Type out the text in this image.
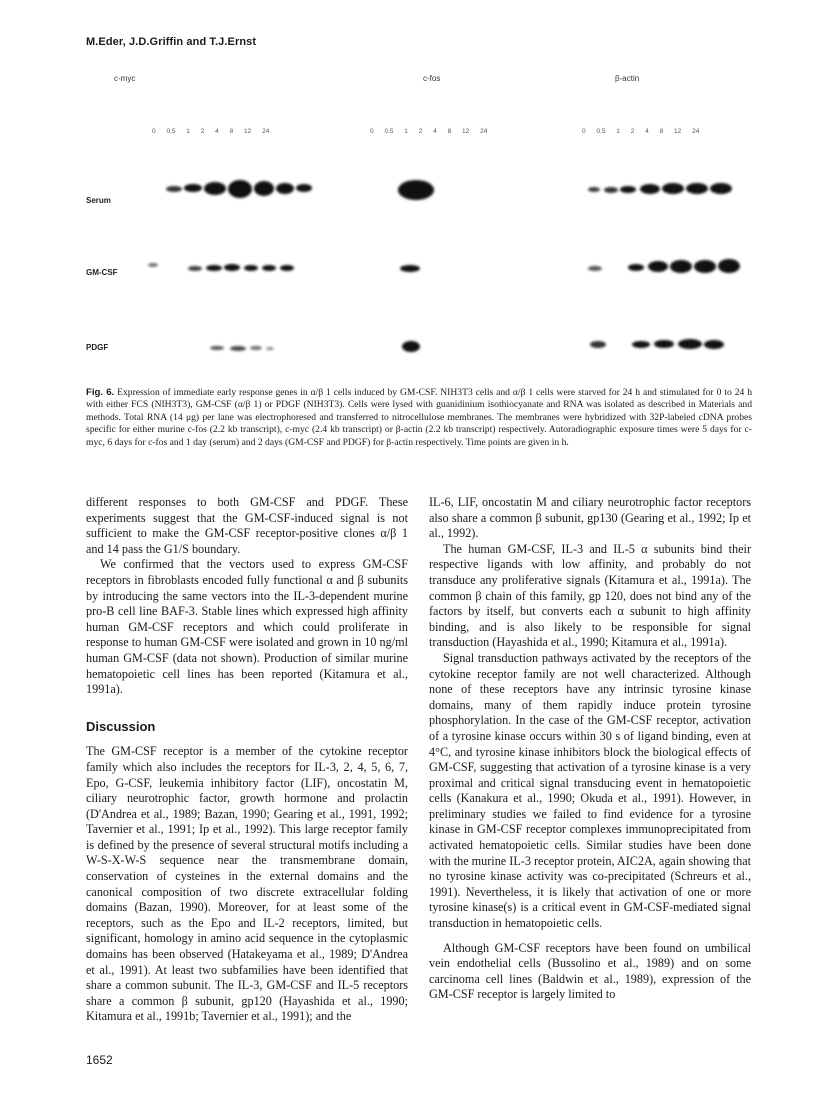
M.Eder, J.D.Griffin and T.J.Ernst
c-myc	c-fos	β-actin
0 0.5 1 2 4 8 12 24	0 0.5 1 2 4 8 12 24	0 0.5 1 2 4 8 12 24
Serum
GM-CSF
PDGF
Fig. 6. Expression of immediate early response genes in α/β 1 cells induced by GM-CSF. NIH3T3 cells and α/β 1 cells were starved for 24 h and stimulated for 0 to 24 h with either FCS (NIH3T3), GM-CSF (α/β 1) or PDGF (NIH3T3). Cells were lysed with guanidinium isothiocyanate and RNA was isolated as described in Materials and methods. Total RNA (14 μg) per lane was electrophoresed and transferred to nitrocellulose membranes. The membranes were hybridized with 32P-labeled cDNA probes specific for either murine c-fos (2.2 kb transcript), c-myc (2.4 kb transcript) or β-actin (2.2 kb transcript) respectively. Autoradiographic exposure times were 5 days for c-myc, 6 days for c-fos and 1 day (serum) and 2 days (GM-CSF and PDGF) for β-actin respectively. Time points are given in h.

different responses to both GM-CSF and PDGF. These experiments suggest that the GM-CSF-induced signal is not sufficient to make the GM-CSF receptor-positive clones α/β 1 and 14 pass the G1/S boundary.

We confirmed that the vectors used to express GM-CSF receptors in fibroblasts encoded fully functional α and β subunits by introducing the same vectors into the IL-3-dependent murine pro-B cell line BAF-3. Stable lines which expressed high affinity human GM-CSF receptors and which could proliferate in response to human GM-CSF were isolated and grown in 10 ng/ml human GM-CSF (data not shown). Production of similar murine hematopoietic cell lines has been reported (Kitamura et al., 1991a).

Discussion

The GM-CSF receptor is a member of the cytokine receptor family which also includes the receptors for IL-3, 2, 4, 5, 6, 7, Epo, G-CSF, leukemia inhibitory factor (LIF), oncostatin M, ciliary neurotrophic factor, growth hormone and prolactin (D'Andrea et al., 1989; Bazan, 1990; Gearing et al., 1991, 1992; Tavernier et al., 1991; Ip et al., 1992). This large receptor family is defined by the presence of several structural motifs including a W-S-X-W-S sequence near the transmembrane domain, conservation of cysteines in the external domains and the canonical composition of two discrete extracellular folding domains (Bazan, 1990). Moreover, for at least some of the receptors, such as the Epo and IL-2 receptors, limited, but significant, homology in amino acid sequence in the cytoplasmic domains has been observed (Hatakeyama et al., 1989; D'Andrea et al., 1991). At least two subfamilies have been identified that share a common subunit. The IL-3, GM-CSF and IL-5 receptors share a common β subunit, gp120 (Hayashida et al., 1990; Kitamura et al., 1991b; Tavernier et al., 1991); and the

IL-6, LIF, oncostatin M and ciliary neurotrophic factor receptors also share a common β subunit, gp130 (Gearing et al., 1992; Ip et al., 1992).

The human GM-CSF, IL-3 and IL-5 α subunits bind their respective ligands with low affinity, and probably do not transduce any proliferative signals (Kitamura et al., 1991a). The common β chain of this family, gp 120, does not bind any of the factors by itself, but converts each α subunit to high affinity binding, and is also likely to be responsible for signal transduction (Hayashida et al., 1990; Kitamura et al., 1991a).

Signal transduction pathways activated by the receptors of the cytokine receptor family are not well characterized. Although none of these receptors have any intrinsic tyrosine kinase domains, many of them rapidly induce protein tyrosine phosphorylation. In the case of the GM-CSF receptor, activation of a tyrosine kinase occurs within 30 s of ligand binding, even at 4°C, and tyrosine kinase inhibitors block the biological effects of GM-CSF, suggesting that activation of a tyrosine kinase is a very proximal and critical signal transducing event in hematopoietic cells (Kanakura et al., 1990; Okuda et al., 1991). However, in preliminary studies we failed to find evidence for a tyrosine kinase in GM-CSF receptor complexes immunoprecipitated from activated hematopoietic cells. Similar studies have been done with the murine IL-3 receptor protein, AIC2A, again showing that no tyrosine kinase activity was co-precipitated (Schreurs et al., 1991). Nevertheless, it is likely that activation of one or more tyrosine kinase(s) is a critical event in GM-CSF-mediated signal transduction in hematopoietic cells.

Although GM-CSF receptors have been found on umbilical vein endothelial cells (Bussolino et al., 1989) and on some carcinoma cell lines (Baldwin et al., 1989), expression of the GM-CSF receptor is largely limited to

1652
